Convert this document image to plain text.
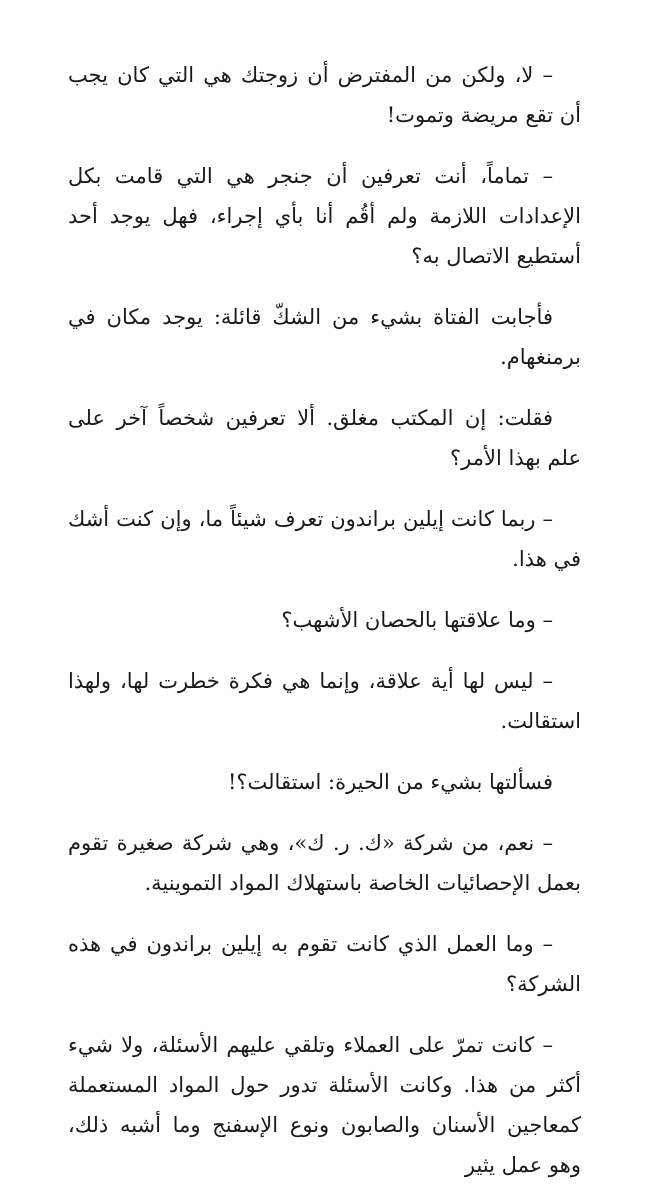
– لا، ولكن من المفترض أن زوجتك هي التي كان يجب أن تقع مريضة وتموت!

– تماماً، أنت تعرفين أن جنجر هي التي قامت بكل الإعدادات اللازمة ولم أقُم أنا بأي إجراء، فهل يوجد أحد أستطيع الاتصال به؟

فأجابت الفتاة بشيء من الشكّ قائلة: يوجد مكان في برمنغهام.

فقلت: إن المكتب مغلق. ألا تعرفين شخصاً آخر على علم بهذا الأمر؟

– ربما كانت إيلين براندون تعرف شيئاً ما، وإن كنت أشك في هذا.

– وما علاقتها بالحصان الأشهب؟

– ليس لها أية علاقة، وإنما هي فكرة خطرت لها، ولهذا استقالت.

فسألتها بشيء من الحيرة: استقالت؟!

– نعم، من شركة «ك. ر. ك»، وهي شركة صغيرة تقوم بعمل الإحصائيات الخاصة باستهلاك المواد التموينية.

– وما العمل الذي كانت تقوم به إيلين براندون في هذه الشركة؟

– كانت تمرّ على العملاء وتلقي عليهم الأسئلة، ولا شيء أكثر من هذا. وكانت الأسئلة تدور حول المواد المستعملة كمعاجين الأسنان والصابون ونوع الإسفنج وما أشبه ذلك، وهو عمل يثير
